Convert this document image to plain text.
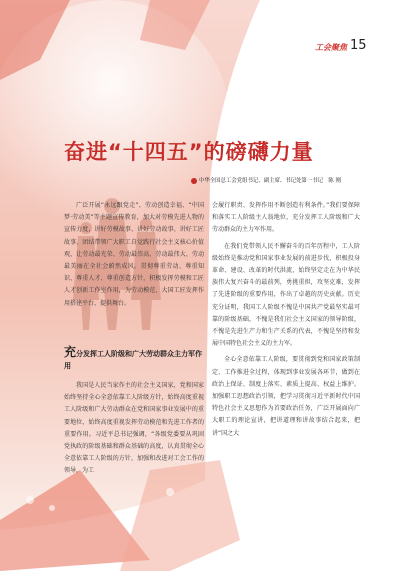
工会聚焦 15
奋进“十四五”的磅礴力量
中华全国总工会党组书记、副主席、书记处第一书记　陈 刚

广泛开展“永远跟党走”、劳动创造幸福、“中国梦·劳动美”等主题宣传教育，加大对劳模先进人物的宣传力度，讲好劳模故事、讲好劳动故事、讲好工匠故事，团结带领广大职工自觉践行社会主义核心价值观，让劳动最光荣、劳动最崇高、劳动最伟大、劳动最美丽在全社会蔚然成风。贯彻尊重劳动、尊重知识、尊重人才、尊重创造方针，积极发挥劳模和工匠人才创新工作室作用，为劳动模范、大国工匠发挥作用搭建平台、提供舞台。

充分发挥工人阶级和广大劳动群众主力军作用

我国是人民当家作主的社会主义国家，党和国家始终坚持全心全意依靠工人阶级方针，始终高度重视工人阶级和广大劳动群众在党和国家事业发展中的重要地位，始终高度重视发挥劳动模范和先进工作者的重要作用。习近平总书记强调，“各级党委要从巩固党执政的阶级基础和群众基础的高度，认真贯彻全心全意依靠工人阶级的方针，加强和改进对工会工作的领导，为工

会履行职责、发挥作用不断创造有利条件。”我们要保障和落实工人阶级主人翁地位，充分发挥工人阶级和广大劳动群众的主力军作用。

在我们党带领人民不懈奋斗的百年历程中，工人阶级始终是推动党和国家事业发展的前进步伐，积极投身革命、建设、改革的时代洪流，始终坚定走在为中华民族伟大复兴奋斗的最前列，勇挑重担，攻坚克难，发挥了先进阶级的重要作用，作出了卓越的历史贡献。历史充分证明，我国工人阶级不愧是中国共产党最坚实最可靠的阶级基础，不愧是我们社会主义国家的领导阶级，不愧是先进生产力和生产关系的代表，不愧是坚持和发展中国特色社会主义的主力军。

全心全意依靠工人阶级，要贯彻到党和国家政策制定、工作推进全过程，体现到事业发展各环节，做到在政治上保证、制度上落实、素质上提高、权益上维护。加强职工思想政治引领，把学习贯彻习近平新时代中国特色社会主义思想作为首要政治任务，广泛开展面向广大职工的理论宣讲，把讲道理和讲故事结合起来，把讲“国之大
